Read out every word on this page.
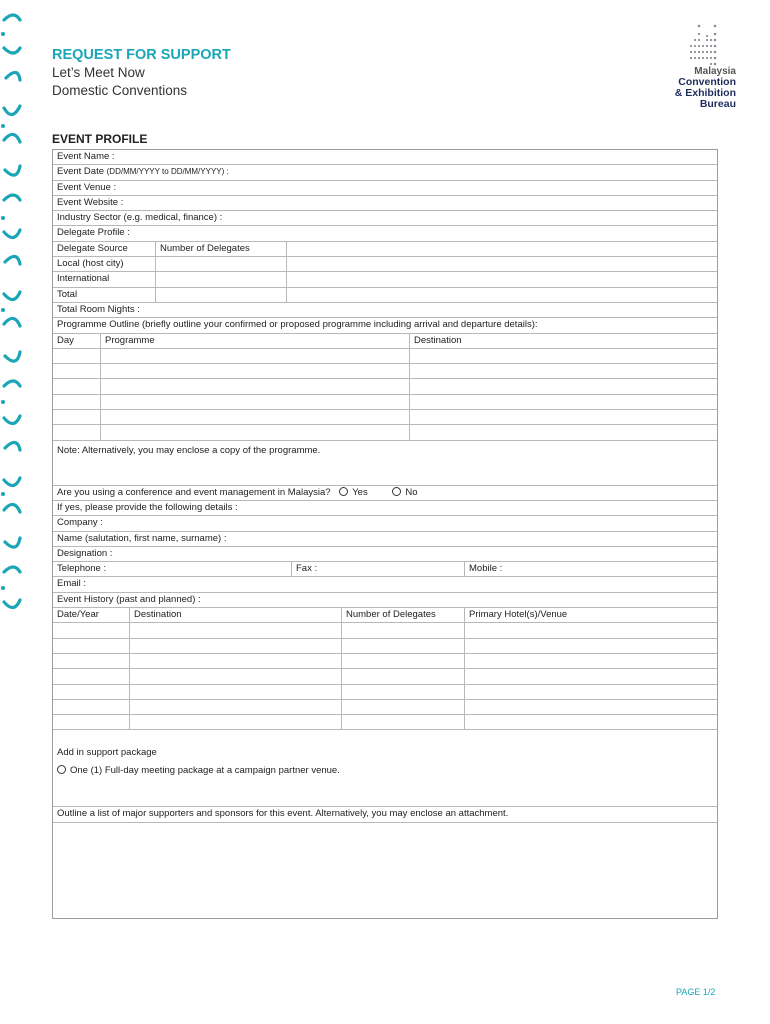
REQUEST FOR SUPPORT
Let’s Meet Now
Domestic Conventions
Malaysia
Convention
& Exhibition
Bureau
EVENT PROFILE
Event Name :
Event Date (DD/MM/YYYY to DD/MM/YYYY) :
Event Venue :
Event Website :
Industry Sector (e.g. medical, finance) :
Delegate Profile :
Delegate Source	Number of Delegates
Local (host city)
International
Total
Total Room Nights :
Programme Outline (briefly outline your confirmed or proposed programme including arrival and departure details):
Day	Programme	Destination
Note: Alternatively, you may enclose a copy of the programme.
Are you using a conference and event management in Malaysia? Yes	No
If yes, please provide the following details :
Company :
Name (salutation, first name, surname) :
Designation :
Telephone :	Fax :	Mobile :
Email :
Event History (past and planned) :
Date/Year	Destination	Number of Delegates	Primary Hotel(s)/Venue
Add in support package
One (1) Full-day meeting package at a campaign partner venue.
Outline a list of major supporters and sponsors for this event. Alternatively, you may enclose an attachment.
PAGE 1/2
